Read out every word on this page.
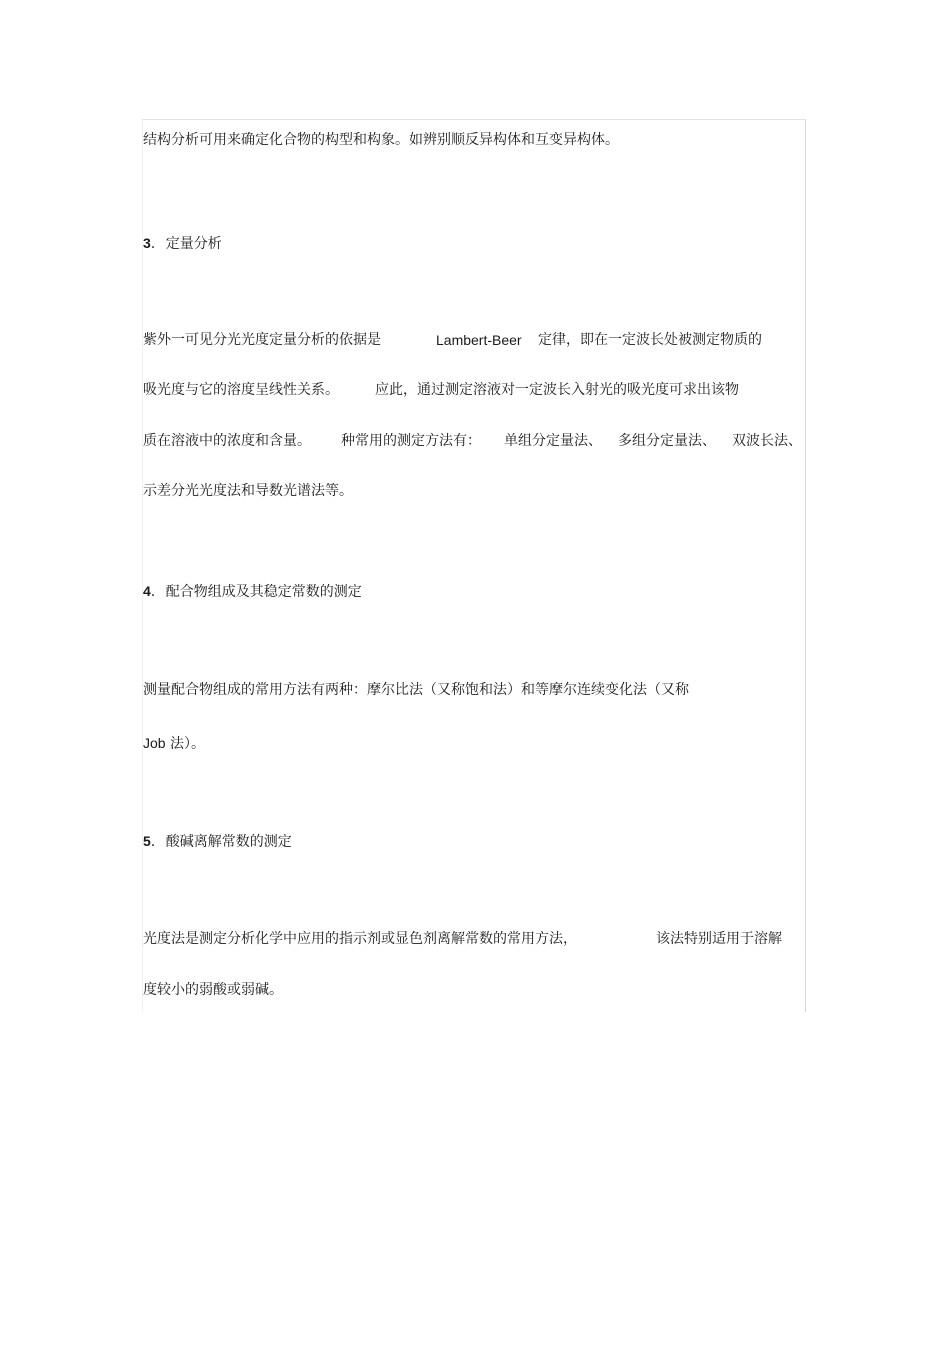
结构分析可用来确定化合物的构型和构象。如辨别顺反异构体和互变异构体。
3. 定量分析
紫外一可见分光光度定量分析的依据是	Lambert-Beer 定律，即在一定波长处被测定物质的
吸光度与它的溶度呈线性关系。	应此，通过测定溶液对一定波长入射光的吸光度可求出该物
质在溶液中的浓度和含量。 种常用的测定方法有： 单组分定量法、 多组分定量法、 双波长法、
示差分光光度法和导数光谱法等。
4. 配合物组成及其稳定常数的测定
测量配合物组成的常用方法有两种：摩尔比法（又称饱和法）和等摩尔连续变化法（又称
Job 法）。
5. 酸碱离解常数的测定
光度法是测定分析化学中应用的指示剂或显色剂离解常数的常用方法，	该法特别适用于溶解
度较小的弱酸或弱碱。
